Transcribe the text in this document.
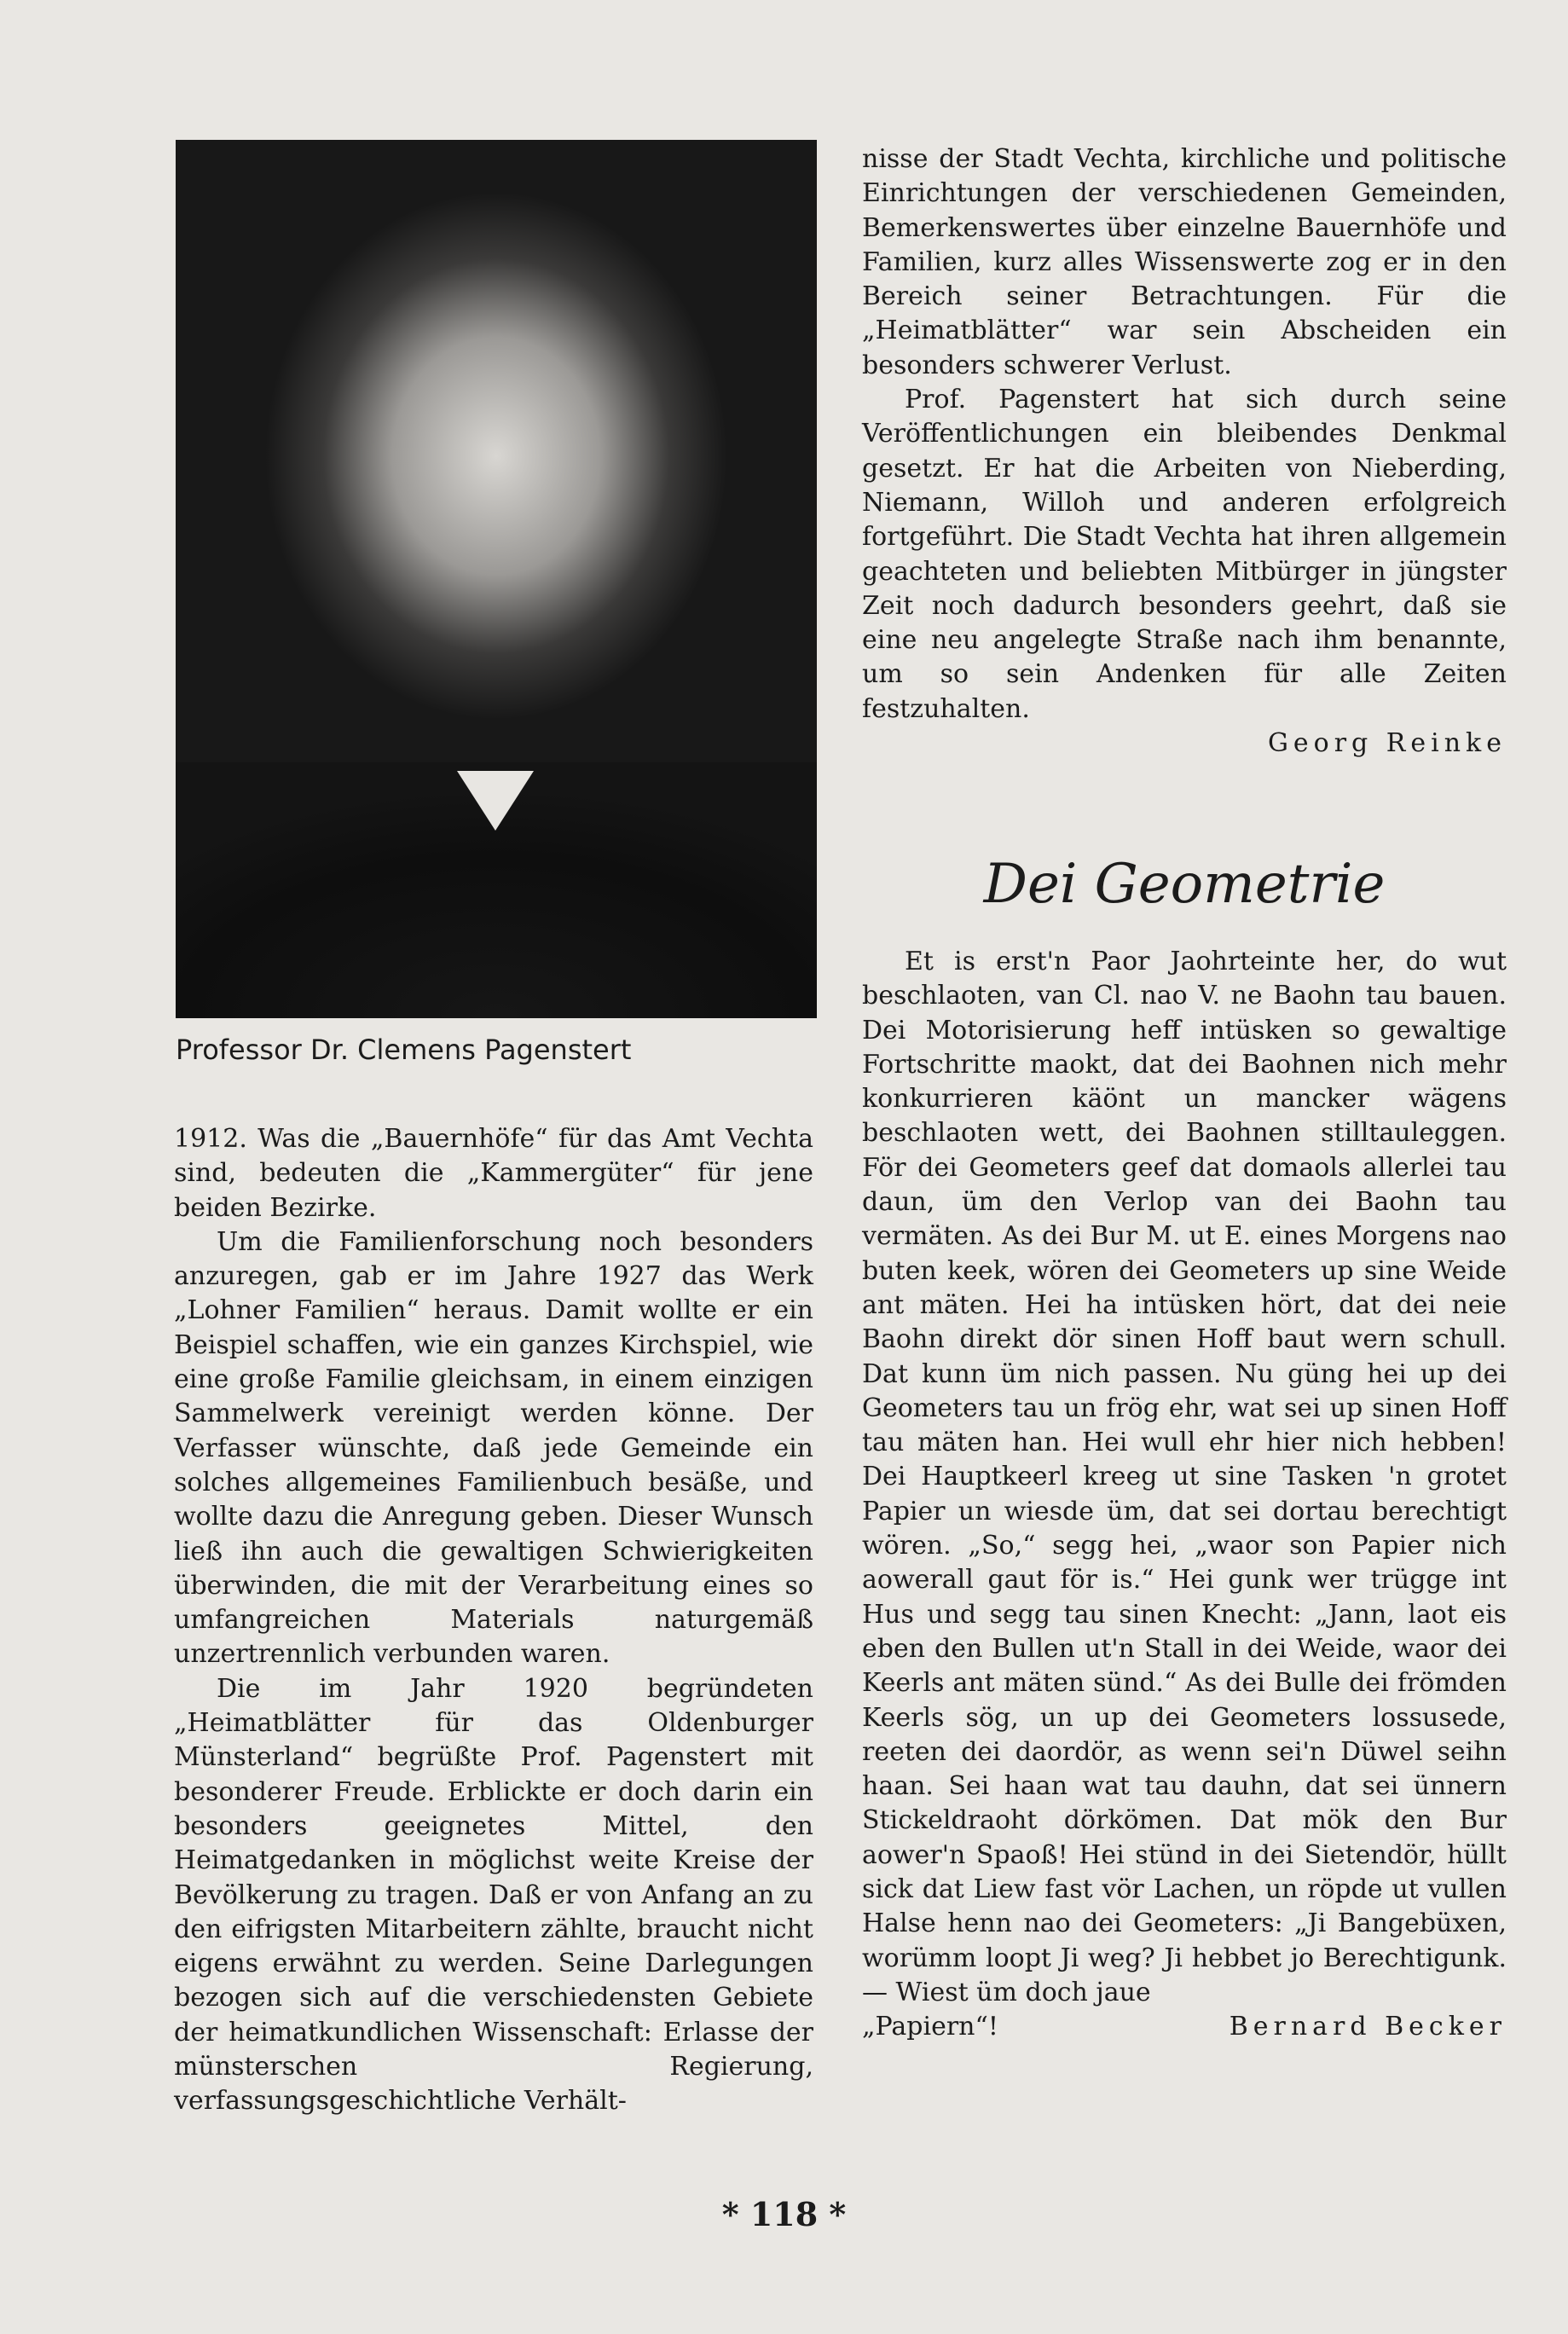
Professor Dr. Clemens Pagenstert

1912. Was die „Bauernhöfe“ für das Amt Vechta sind, bedeuten die „Kammergüter“ für jene beiden Bezirke.

Um die Familienforschung noch besonders anzuregen, gab er im Jahre 1927 das Werk „Lohner Familien“ heraus. Damit wollte er ein Beispiel schaffen, wie ein ganzes Kirchspiel, wie eine große Familie gleichsam, in einem einzigen Sammelwerk vereinigt werden könne. Der Verfasser wünschte, daß jede Gemeinde ein solches allgemeines Familienbuch besäße, und wollte dazu die Anregung geben. Dieser Wunsch ließ ihn auch die gewaltigen Schwierigkeiten überwinden, die mit der Verarbeitung eines so umfangreichen Materials naturgemäß unzertrennlich verbunden waren.

Die im Jahr 1920 begründeten „Heimatblätter für das Oldenburger Münsterland“ begrüßte Prof. Pagenstert mit besonderer Freude. Erblickte er doch darin ein besonders geeignetes Mittel, den Heimatgedanken in möglichst weite Kreise der Bevölkerung zu tragen. Daß er von Anfang an zu den eifrigsten Mitarbeitern zählte, braucht nicht eigens erwähnt zu werden. Seine Darlegungen bezogen sich auf die verschiedensten Gebiete der heimatkundlichen Wissenschaft: Erlasse der münsterschen Regierung, verfassungsgeschichtliche Verhält-

nisse der Stadt Vechta, kirchliche und politische Einrichtungen der verschiedenen Gemeinden, Bemerkenswertes über einzelne Bauernhöfe und Familien, kurz alles Wissenswerte zog er in den Bereich seiner Betrachtungen. Für die „Heimatblätter“ war sein Abscheiden ein besonders schwerer Verlust.

Prof. Pagenstert hat sich durch seine Veröffentlichungen ein bleibendes Denkmal gesetzt. Er hat die Arbeiten von Nieberding, Niemann, Willoh und anderen erfolgreich fortgeführt. Die Stadt Vechta hat ihren allgemein geachteten und beliebten Mitbürger in jüngster Zeit noch dadurch besonders geehrt, daß sie eine neu angelegte Straße nach ihm benannte, um so sein Andenken für alle Zeiten festzuhalten.

Georg Reinke

Dei Geometrie

Et is erst'n Paor Jaohrteinte her, do wut beschlaoten, van Cl. nao V. ne Baohn tau bauen. Dei Motorisierung heff intüsken so gewaltige Fortschritte maokt, dat dei Baohnen nich mehr konkurrieren käönt un mancker wägens beschlaoten wett, dei Baohnen stilltauleggen. För dei Geometers geef dat domaols allerlei tau daun, üm den Verlop van dei Baohn tau vermäten. As dei Bur M. ut E. eines Morgens nao buten keek, wören dei Geometers up sine Weide ant mäten. Hei ha intüsken hört, dat dei neie Baohn direkt dör sinen Hoff baut wern schull. Dat kunn üm nich passen. Nu güng hei up dei Geometers tau un frög ehr, wat sei up sinen Hoff tau mäten han. Hei wull ehr hier nich hebben! Dei Hauptkeerl kreeg ut sine Tasken 'n grotet Papier un wiesde üm, dat sei dortau berechtigt wören. „So,“ segg hei, „waor son Papier nich aowerall gaut för is.“ Hei gunk wer trügge int Hus und segg tau sinen Knecht: „Jann, laot eis eben den Bullen ut'n Stall in dei Weide, waor dei Keerls ant mäten sünd.“ As dei Bulle dei frömden Keerls sög, un up dei Geometers lossusede, reeten dei daordör, as wenn sei'n Düwel seihn haan. Sei haan wat tau dauhn, dat sei ünnern Stickeldraoht dörkömen. Dat mök den Bur aower'n Spaoß! Hei stünd in dei Sietendör, hüllt sick dat Liew fast vör Lachen, un röpde ut vullen Halse henn nao dei Geometers: „Ji Bangebüxen, worümm loopt Ji weg? Ji hebbet jo Berechtigunk. — Wiest üm doch jaue

„Papiern“!	Bernard Becker
* 118 *
